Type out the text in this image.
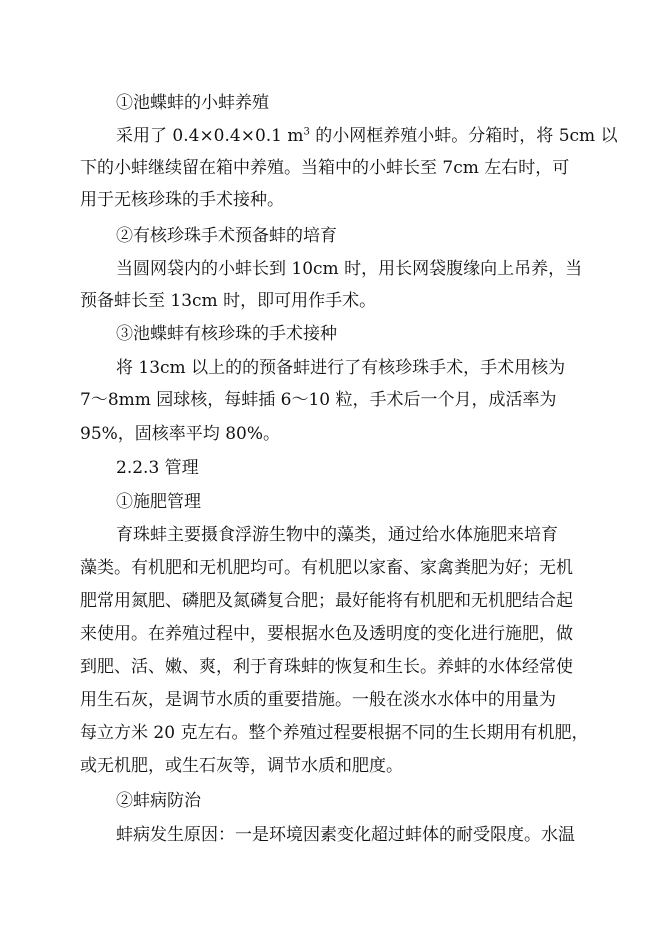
①池蝶蚌的小蚌养殖
采用了 0.4×0.4×0.1 $m^3$ 的小网框养殖小蚌。分箱时，将 5cm 以
下的小蚌继续留在箱中养殖。当箱中的小蚌长至 7cm 左右时，可
用于无核珍珠的手术接种。
②有核珍珠手术预备蚌的培育
当圆网袋内的小蚌长到 10cm 时，用长网袋腹缘向上吊养，当
预备蚌长至 13cm 时，即可用作手术。
③池蝶蚌有核珍珠的手术接种
将 13cm 以上的的预备蚌进行了有核珍珠手术，手术用核为
7～8mm 园球核，每蚌插 6～10 粒，手术后一个月，成活率为
95%，固核率平均 80%。
2.2.3 管理
①施肥管理
育珠蚌主要摄食浮游生物中的藻类，通过给水体施肥来培育
藻类。有机肥和无机肥均可。有机肥以家畜、家禽粪肥为好；无机
肥常用氮肥、磷肥及氮磷复合肥；最好能将有机肥和无机肥结合起
来使用。在养殖过程中，要根据水色及透明度的变化进行施肥，做
到肥、活、嫩、爽，利于育珠蚌的恢复和生长。养蚌的水体经常使
用生石灰，是调节水质的重要措施。一般在淡水水体中的用量为
每立方米 20 克左右。整个养殖过程要根据不同的生长期用有机肥，
或无机肥，或生石灰等，调节水质和肥度。
②蚌病防治
蚌病发生原因：一是环境因素变化超过蚌体的耐受限度。水温
